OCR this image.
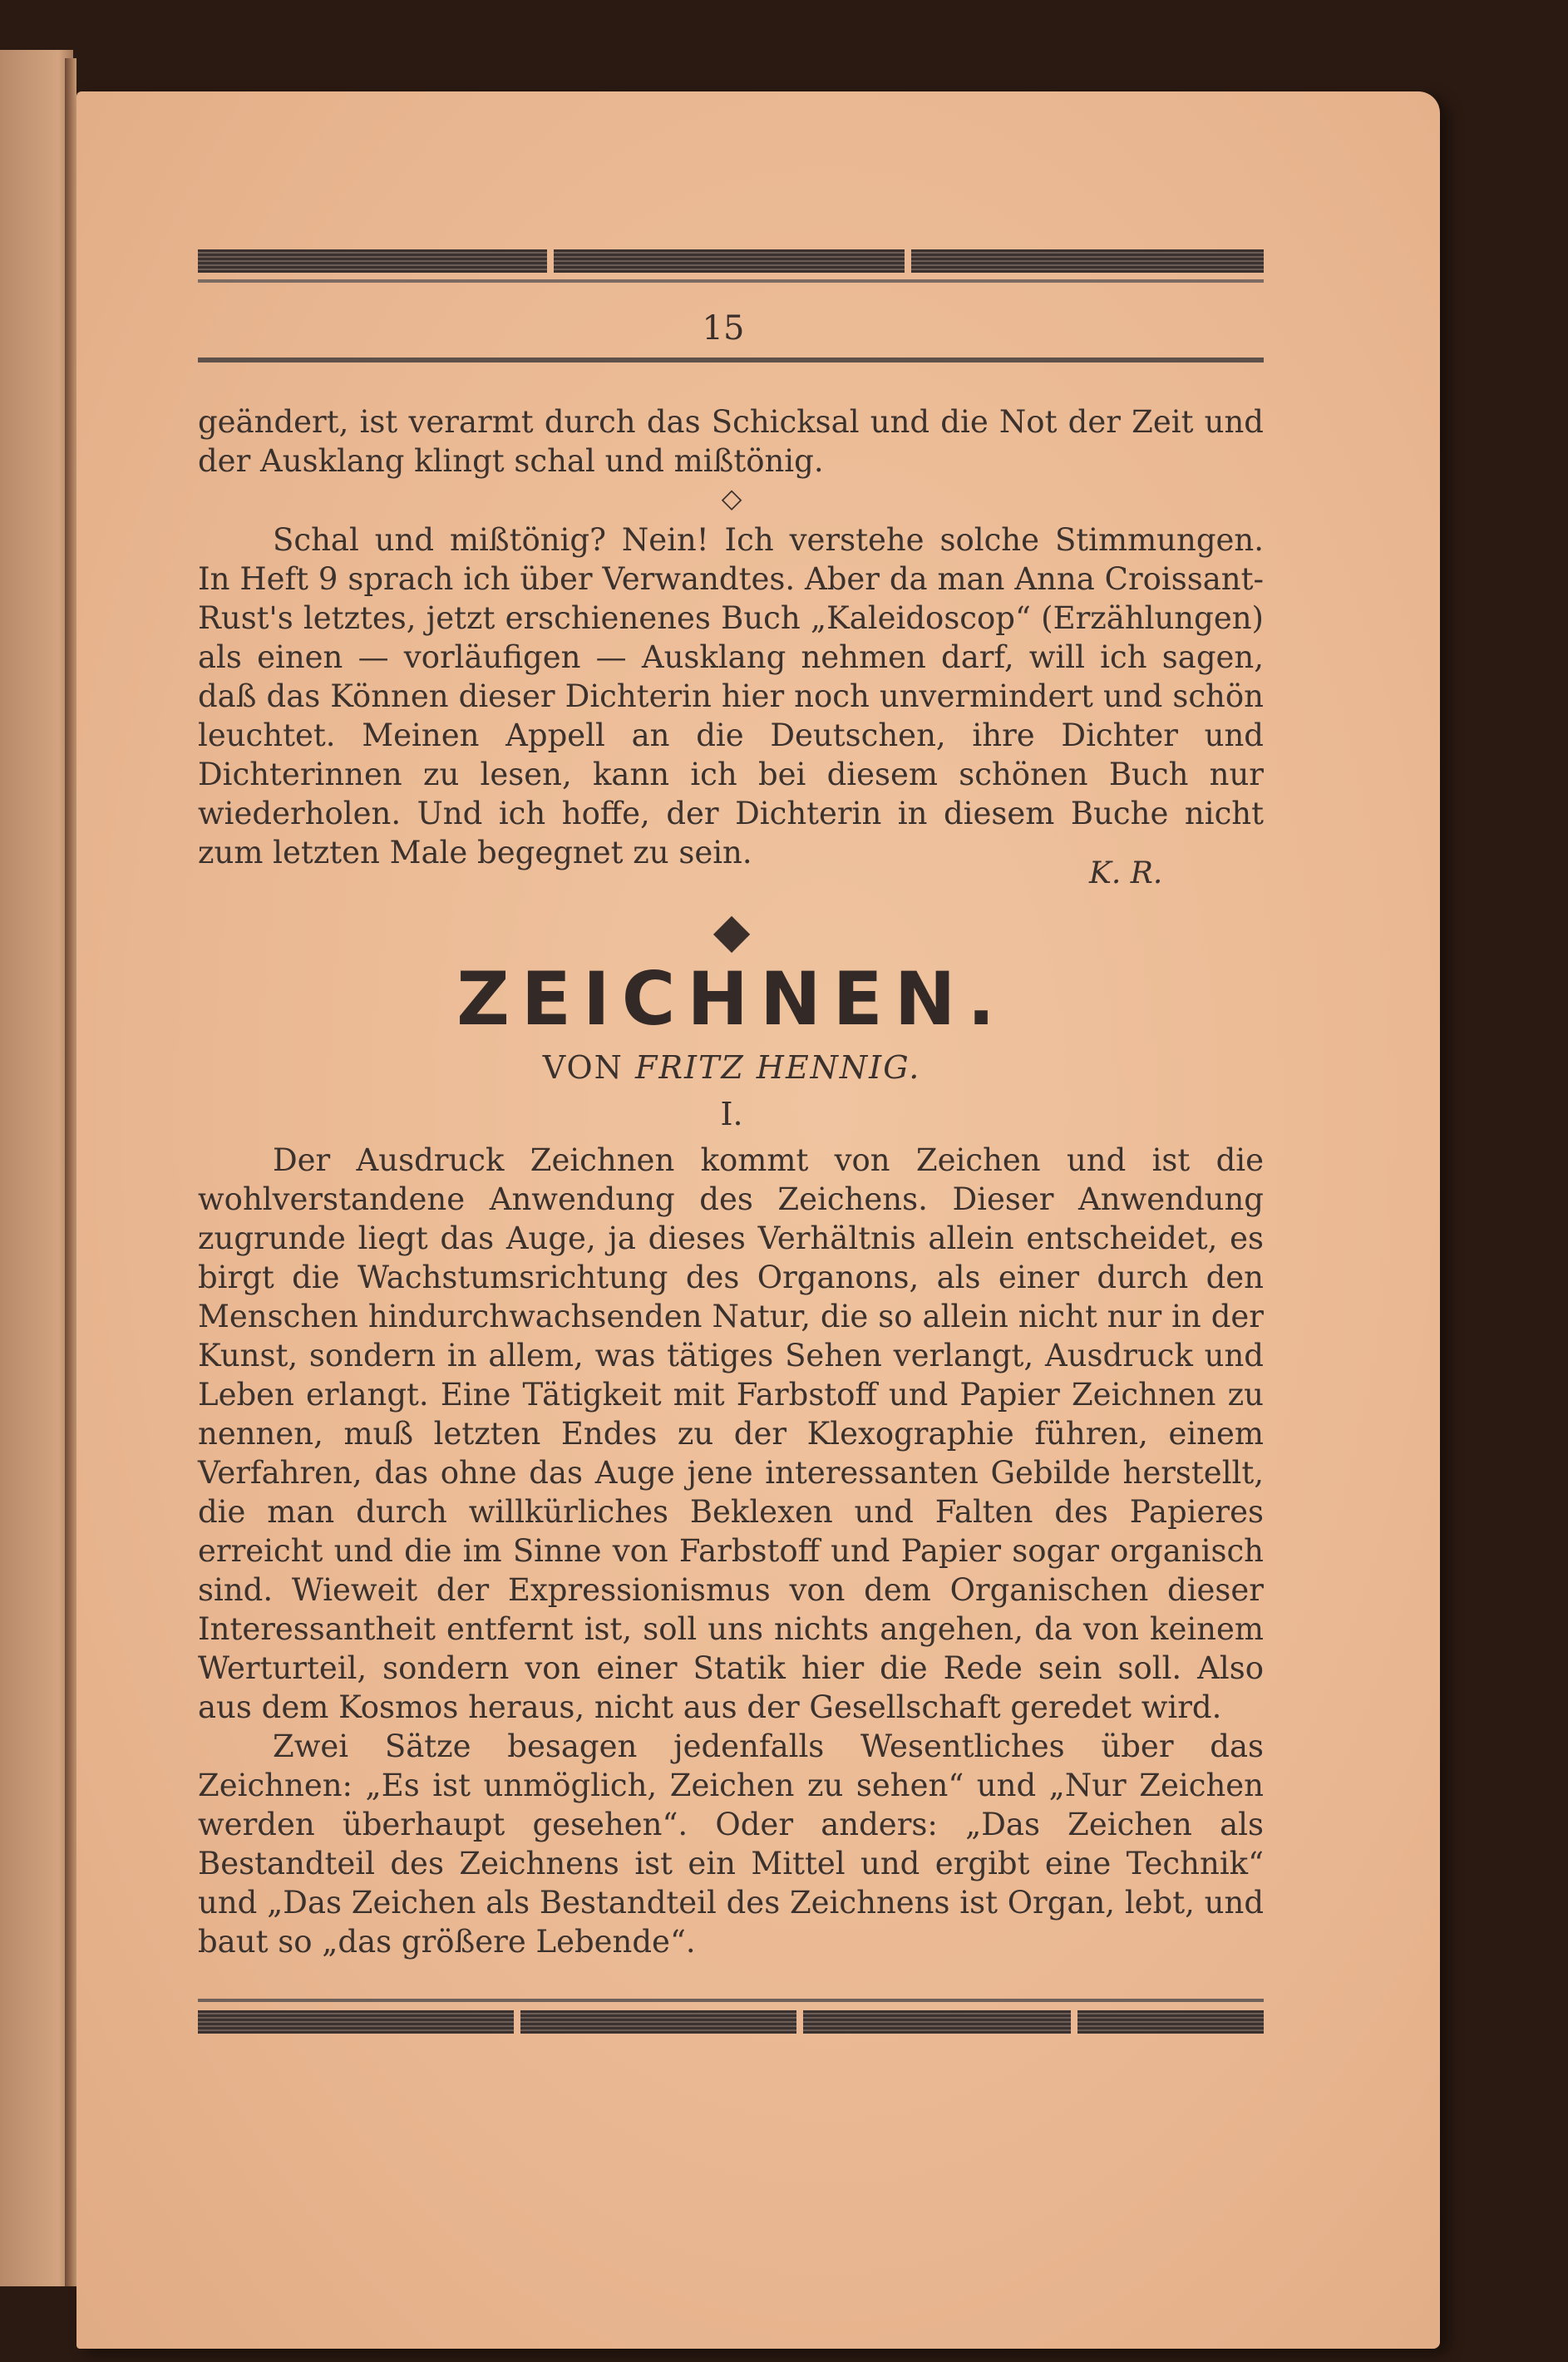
15

geändert, ist verarmt durch das Schicksal und die Not der Zeit und der Ausklang klingt schal und mißtönig.

◇

Schal und mißtönig? Nein! Ich verstehe solche Stimmungen. In Heft 9 sprach ich über Verwandtes. Aber da man Anna Croissant-Rust's letztes, jetzt erschienenes Buch „Kaleidoscop“ (Erzählungen) als einen — vorläufigen — Ausklang nehmen darf, will ich sagen, daß das Können dieser Dichterin hier noch unvermindert und schön leuchtet. Meinen Appell an die Deutschen, ihre Dichter und Dichterinnen zu lesen, kann ich bei diesem schönen Buch nur wiederholen. Und ich hoffe, der Dichterin in diesem Buche nicht zum letzten Male begegnet zu sein.

K. R.
◆
ZEICHNEN.
VON FRITZ HENNIG.
I.

Der Ausdruck Zeichnen kommt von Zeichen und ist die wohlverstandene Anwendung des Zeichens. Dieser Anwendung zugrunde liegt das Auge, ja dieses Verhältnis allein entscheidet, es birgt die Wachstumsrichtung des Organons, als einer durch den Menschen hindurchwachsenden Natur, die so allein nicht nur in der Kunst, sondern in allem, was tätiges Sehen verlangt, Ausdruck und Leben erlangt. Eine Tätigkeit mit Farbstoff und Papier Zeichnen zu nennen, muß letzten Endes zu der Klexographie führen, einem Verfahren, das ohne das Auge jene interessanten Gebilde herstellt, die man durch willkürliches Beklexen und Falten des Papieres erreicht und die im Sinne von Farbstoff und Papier sogar organisch sind. Wieweit der Expressionismus von dem Organischen dieser Interessantheit entfernt ist, soll uns nichts angehen, da von keinem Werturteil, sondern von einer Statik hier die Rede sein soll. Also aus dem Kosmos heraus, nicht aus der Gesellschaft geredet wird.

Zwei Sätze besagen jedenfalls Wesentliches über das Zeichnen: „Es ist unmöglich, Zeichen zu sehen“ und „Nur Zeichen werden überhaupt gesehen“. Oder anders: „Das Zeichen als Bestandteil des Zeichnens ist ein Mittel und ergibt eine Technik“ und „Das Zeichen als Bestandteil des Zeichnens ist Organ, lebt, und baut so „das größere Lebende“.
